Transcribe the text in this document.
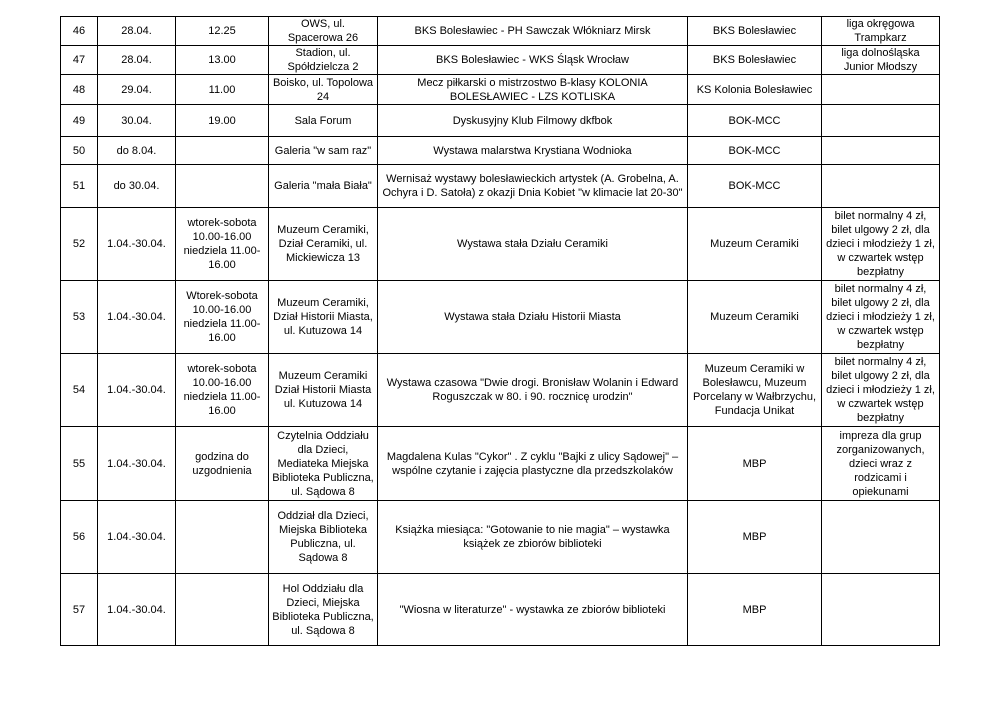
46	28.04.	12.25	OWS, ul. Spacerowa 26	BKS Bolesławiec - PH Sawczak Włókniarz Mirsk	BKS Bolesławiec	liga okręgowa Trampkarz

47	28.04.	13.00	Stadion, ul. Spółdzielcza 2	BKS Bolesławiec - WKS Śląsk Wrocław	BKS Bolesławiec	liga dolnośląska Junior Młodszy

48	29.04.	11.00	Boisko, ul. Topolowa 24	Mecz piłkarski o mistrzostwo B-klasy KOLONIA BOLESŁAWIEC - LZS KOTLISKA	KS Kolonia Bolesławiec	

49	30.04.	19.00	Sala Forum	Dyskusyjny Klub Filmowy dkfbok	BOK-MCC	

50	do 8.04.		Galeria "w sam raz"	Wystawa malarstwa Krystiana Wodnioka	BOK-MCC	

51	do 30.04.		Galeria "mała Biała"	Wernisaż wystawy bolesławieckich artystek (A. Grobelna, A. Ochyra i D. Satoła) z okazji Dnia Kobiet "w klimacie lat 20-30"	BOK-MCC	

52	1.04.-30.04.	wtorek-sobota 10.00-16.00 niedziela 11.00-16.00	Muzeum Ceramiki, Dział Ceramiki, ul. Mickiewicza 13	Wystawa stała Działu Ceramiki	Muzeum Ceramiki	bilet normalny 4 zł, bilet ulgowy 2 zł, dla dzieci i młodzieży 1 zł, w czwartek wstęp bezpłatny

53	1.04.-30.04.	Wtorek-sobota 10.00-16.00 niedziela 11.00-16.00	Muzeum Ceramiki, Dział Historii Miasta, ul. Kutuzowa 14	Wystawa stała Działu Historii Miasta	Muzeum Ceramiki	bilet normalny 4 zł, bilet ulgowy 2 zł, dla dzieci i młodzieży 1 zł, w czwartek wstęp bezpłatny

54	1.04.-30.04.	wtorek-sobota 10.00-16.00 niedziela 11.00-16.00	Muzeum Ceramiki Dział Historii Miasta ul. Kutuzowa 14	Wystawa czasowa "Dwie drogi. Bronisław Wolanin i Edward Roguszczak w 80. i 90. rocznicę urodzin"	Muzeum Ceramiki w Bolesławcu, Muzeum Porcelany w Wałbrzychu, Fundacja Unikat	bilet normalny 4 zł, bilet ulgowy 2 zł, dla dzieci i młodzieży 1 zł, w czwartek wstęp bezpłatny

55	1.04.-30.04.	godzina do uzgodnienia	Czytelnia Oddziału dla Dzieci, Mediateka Miejska Biblioteka Publiczna, ul. Sądowa 8	Magdalena Kulas "Cykor" . Z cyklu "Bajki z ulicy Sądowej" – wspólne czytanie i zajęcia plastyczne dla przedszkolaków	MBP	impreza dla grup zorganizowanych, dzieci wraz z rodzicami i opiekunami

56	1.04.-30.04.		Oddział dla Dzieci, Miejska Biblioteka Publiczna, ul. Sądowa 8	Książka miesiąca: "Gotowanie to nie magia" – wystawka książek ze zbiorów biblioteki	MBP	

57	1.04.-30.04.		Hol Oddziału dla Dzieci, Miejska Biblioteka Publiczna, ul. Sądowa 8	"Wiosna w literaturze" - wystawka ze zbiorów biblioteki	MBP	
